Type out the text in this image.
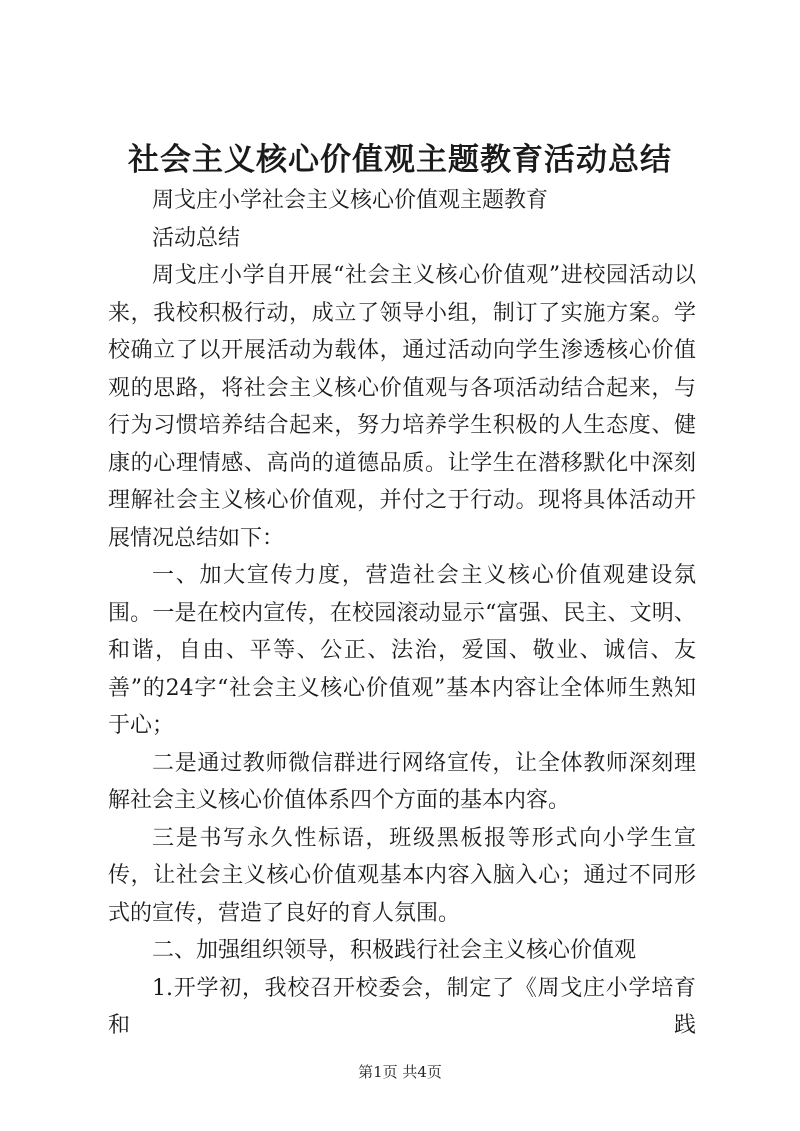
社会主义核心价值观主题教育活动总结

周戈庄小学社会主义核心价值观主题教育

活动总结

周戈庄小学自开展“社会主义核心价值观”进校园活动以来，我校积极行动，成立了领导小组，制订了实施方案。学校确立了以开展活动为载体，通过活动向学生渗透核心价值观的思路，将社会主义核心价值观与各项活动结合起来，与行为习惯培养结合起来，努力培养学生积极的人生态度、健康的心理情感、高尚的道德品质。让学生在潜移默化中深刻理解社会主义核心价值观，并付之于行动。现将具体活动开展情况总结如下：

一、加大宣传力度，营造社会主义核心价值观建设氛围。一是在校内宣传，在校园滚动显示“富强、民主、文明、和谐，自由、平等、公正、法治，爱国、敬业、诚信、友善”的24字“社会主义核心价值观”基本内容让全体师生熟知于心；

二是通过教师微信群进行网络宣传，让全体教师深刻理解社会主义核心价值体系四个方面的基本内容。

三是书写永久性标语，班级黑板报等形式向小学生宣传，让社会主义核心价值观基本内容入脑入心；通过不同形式的宣传，营造了良好的育人氛围。

二、加强组织领导，积极践行社会主义核心价值观

1.开学初，我校召开校委会，制定了《周戈庄小学培育和践

第1页 共4页
